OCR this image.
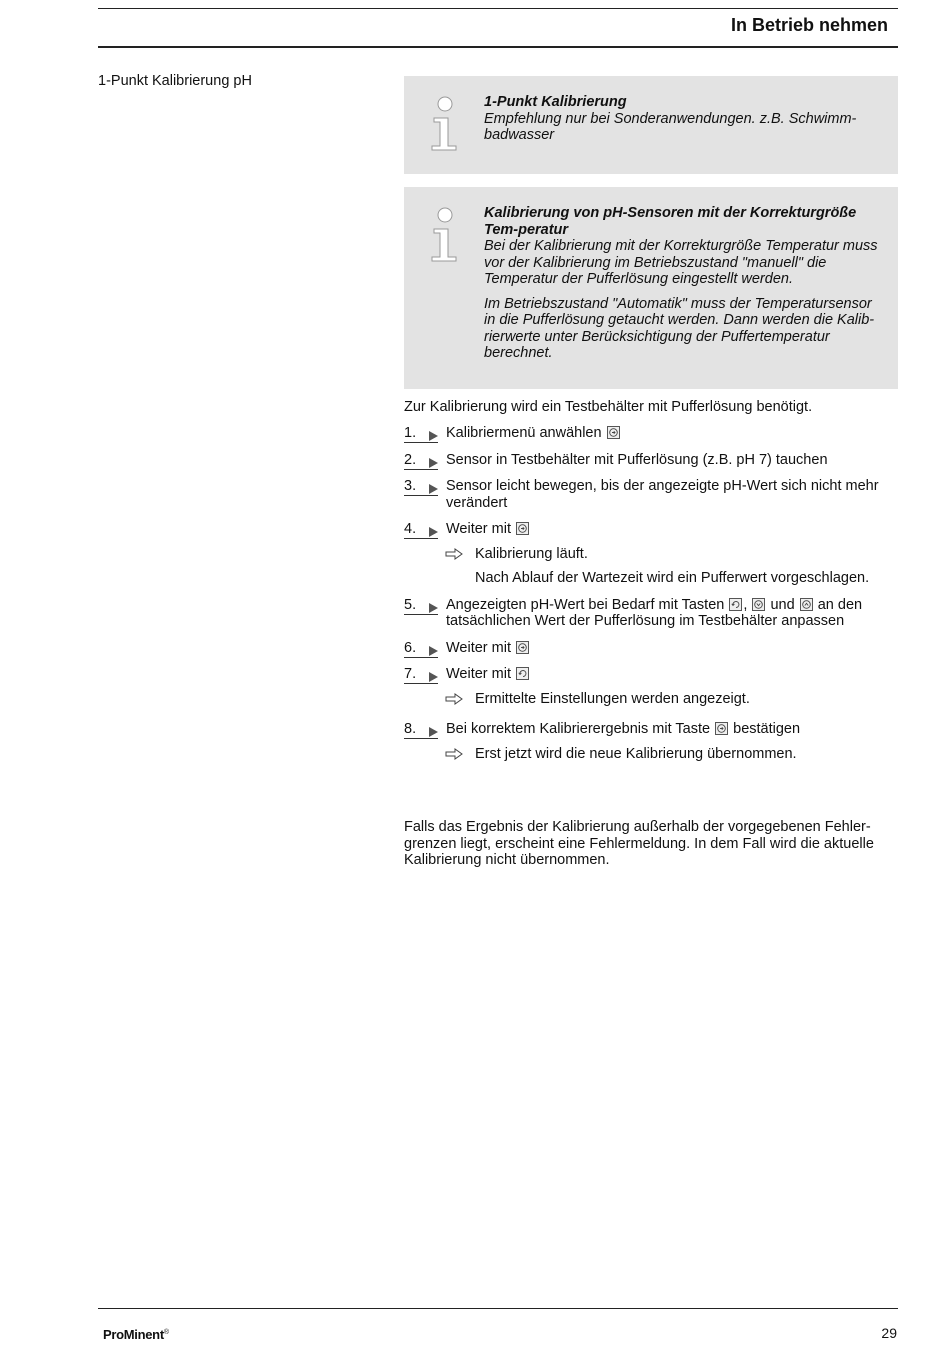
In Betrieb nehmen
1-Punkt Kalibrierung pH
1-Punkt Kalibrierung

Empfehlung nur bei Sonderanwendungen. z.B. Schwimm-badwasser

Kalibrierung von pH-Sensoren mit der Korrekturgröße Tem-peratur

Bei der Kalibrierung mit der Korrekturgröße Temperatur muss vor der Kalibrierung im Betriebszustand "manuell" die Temperatur der Pufferlösung eingestellt werden.

Im Betriebszustand "Automatik" muss der Temperatursensor in die Pufferlösung getaucht werden. Dann werden die Kalib-rierwerte unter Berücksichtigung der Puffertemperatur berechnet.

Zur Kalibrierung wird ein Testbehälter mit Pufferlösung benötigt.
1. Kalibriermenü anwählen
2. Sensor in Testbehälter mit Pufferlösung (z.B. pH 7) tauchen
3. Sensor leicht bewegen, bis der angezeigte pH-Wert sich nicht mehr verändert
4. Weiter mit
Kalibrierung läuft.
Nach Ablauf der Wartezeit wird ein Pufferwert vorgeschlagen.
5. Angezeigten pH-Wert bei Bedarf mit Tasten , und an den tatsächlichen Wert der Pufferlösung im Testbehälter anpassen
6. Weiter mit
7. Weiter mit
Ermittelte Einstellungen werden angezeigt.
8. Bei korrektem Kalibrierergebnis mit Taste bestätigen
Erst jetzt wird die neue Kalibrierung übernommen.
Falls das Ergebnis der Kalibrierung außerhalb der vorgegebenen Fehler-grenzen liegt, erscheint eine Fehlermeldung. In dem Fall wird die aktuelle Kalibrierung nicht übernommen.
ProMinent®	29
